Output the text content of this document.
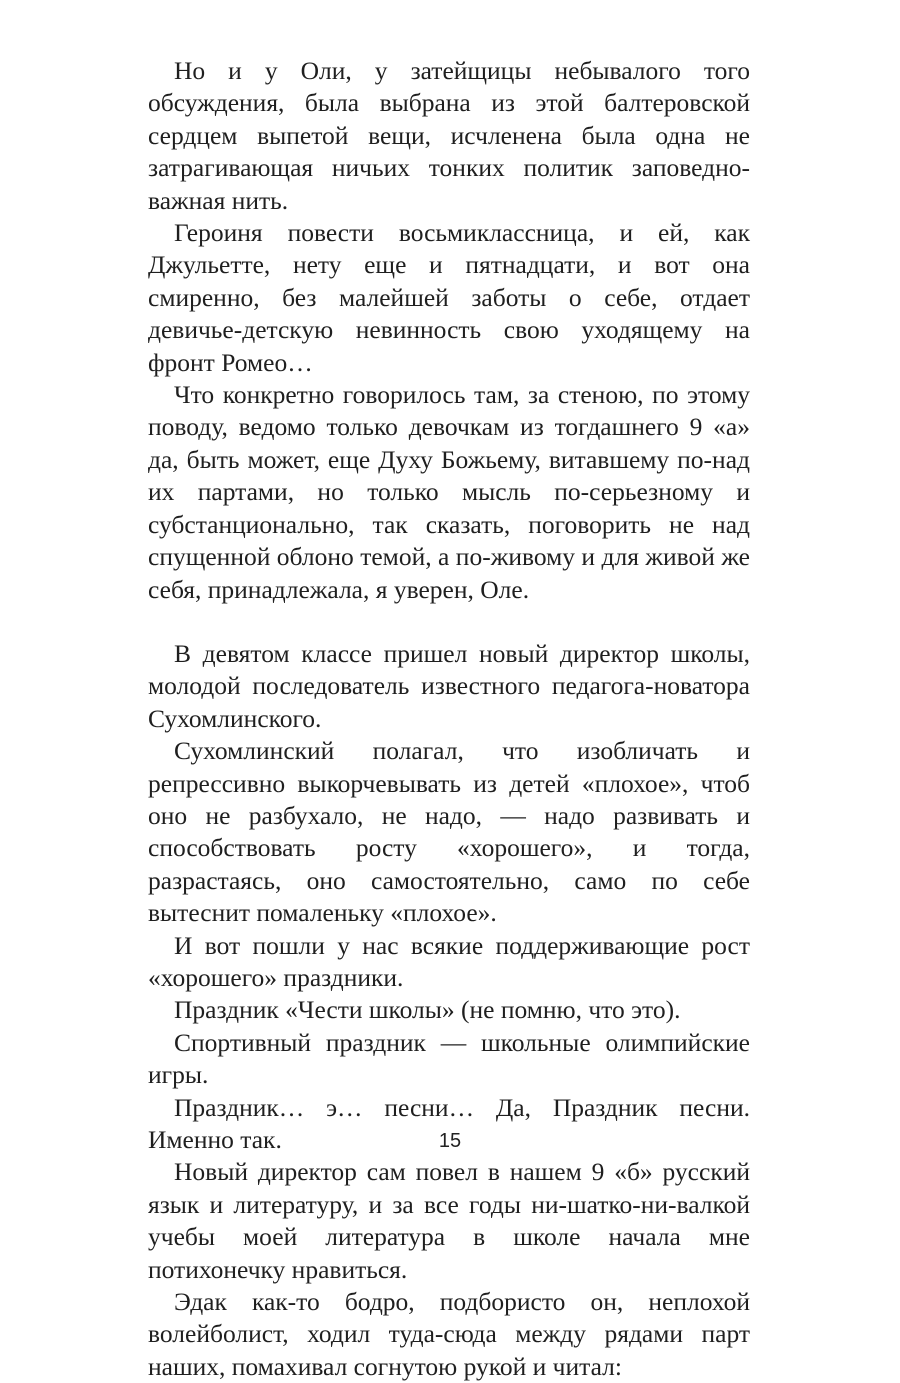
Но и у Оли, у затейщицы небывалого того обсуждения, была выбрана из этой балтеровской сердцем выпетой вещи, исчленена была одна не затрагивающая ничьих тонких политик заповедно-важная нить.

Героиня повести восьмиклассница, и ей, как Джульетте, нету еще и пятнадцати, и вот она смиренно, без малейшей заботы о себе, отдает девичье-детскую невинность свою уходящему на фронт Ромео…

Что конкретно говорилось там, за стеною, по этому поводу, ведомо только девочкам из тогдашнего 9 «а» да, быть может, еще Духу Божьему, витавшему по-над их партами, но только мысль по-серьезному и субстанционально, так сказать, поговорить не над спущенной облоно темой, а по-живому и для живой же себя, принадлежала, я уверен, Оле.

В девятом классе пришел новый директор школы, молодой последователь известного педагога-новатора Сухомлинского.

Сухомлинский полагал, что изобличать и репрессивно выкорчевывать из детей «плохое», чтоб оно не разбухало, не надо, — надо развивать и способствовать росту «хорошего», и тогда, разрастаясь, оно самостоятельно, само по себе вытеснит помаленьку «плохое».

И вот пошли у нас всякие поддерживающие рост «хорошего» праздники.

Праздник «Чести школы» (не помню, что это).

Спортивный праздник — школьные олимпийские игры.

Праздник… э… песни… Да, Праздник песни. Именно так.

Новый директор сам повел в нашем 9 «б» русский язык и литературу, и за все годы ни-шатко-ни-валкой учебы моей литература в школе начала мне потихонечку нравиться.

Эдак как-то бодро, подбористо он, неплохой волейболист, ходил туда-сюда между рядами парт наших, помахивал согнутою рукой и читал:

15
